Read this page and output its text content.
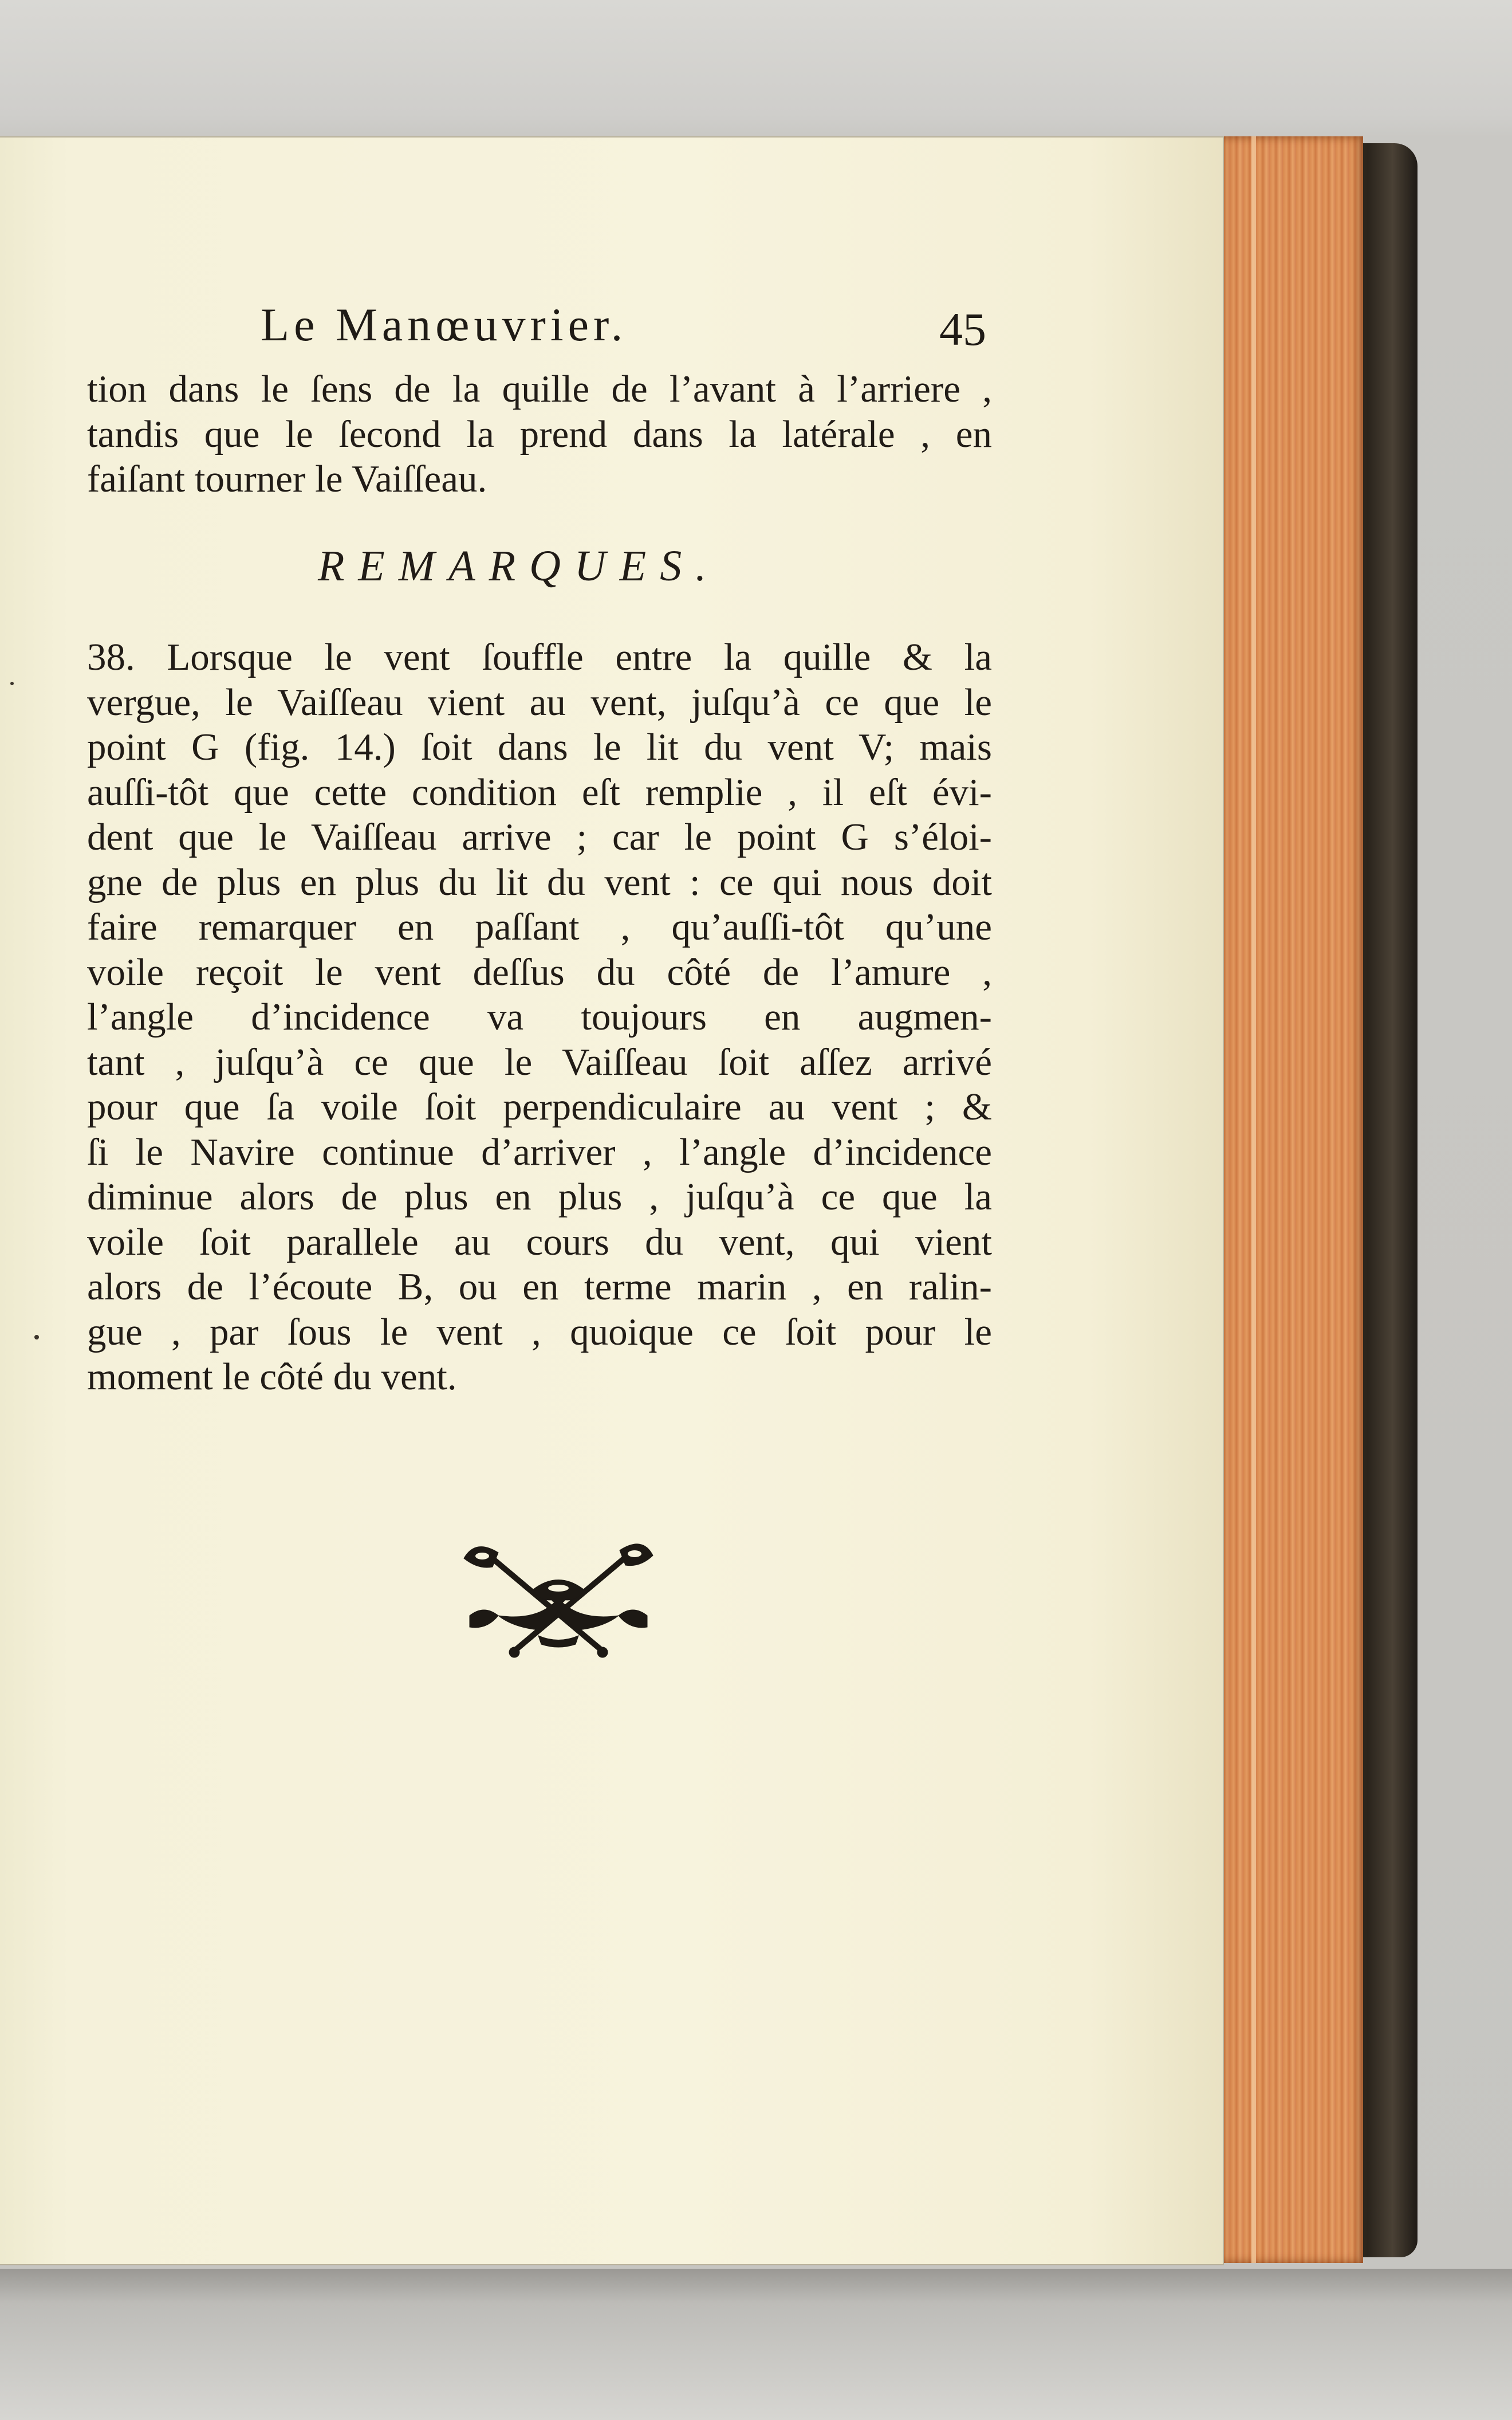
Le Manœuvrier.	45
tion dans le ſens de la quille de l’avant à l’arriere ,
tandis que le ſecond la prend dans la latérale , en
faiſant tourner le Vaiſſeau.
REMARQUES.
38. Lorsque le vent ſouffle entre la quille & la
vergue, le Vaiſſeau vient au vent, juſqu’à ce que le
point G (fig. 14.) ſoit dans le lit du vent V; mais
auſſi-tôt que cette condition eſt remplie , il eſt évi-
dent que le Vaiſſeau arrive ; car le point G s’éloi-
gne de plus en plus du lit du vent : ce qui nous doit
faire remarquer en paſſant , qu’auſſi-tôt qu’une
voile reçoit le vent deſſus du côté de l’amure ,
l’angle d’incidence va toujours en augmen-
tant , juſqu’à ce que le Vaiſſeau ſoit aſſez arrivé
pour que ſa voile ſoit perpendiculaire au vent ; &
ſi le Navire continue d’arriver , l’angle d’incidence
diminue alors de plus en plus , juſqu’à ce que la
voile ſoit parallele au cours du vent, qui vient
alors de l’écoute B, ou en terme marin , en ralin-
gue , par ſous le vent , quoique ce ſoit pour le
moment le côté du vent.
